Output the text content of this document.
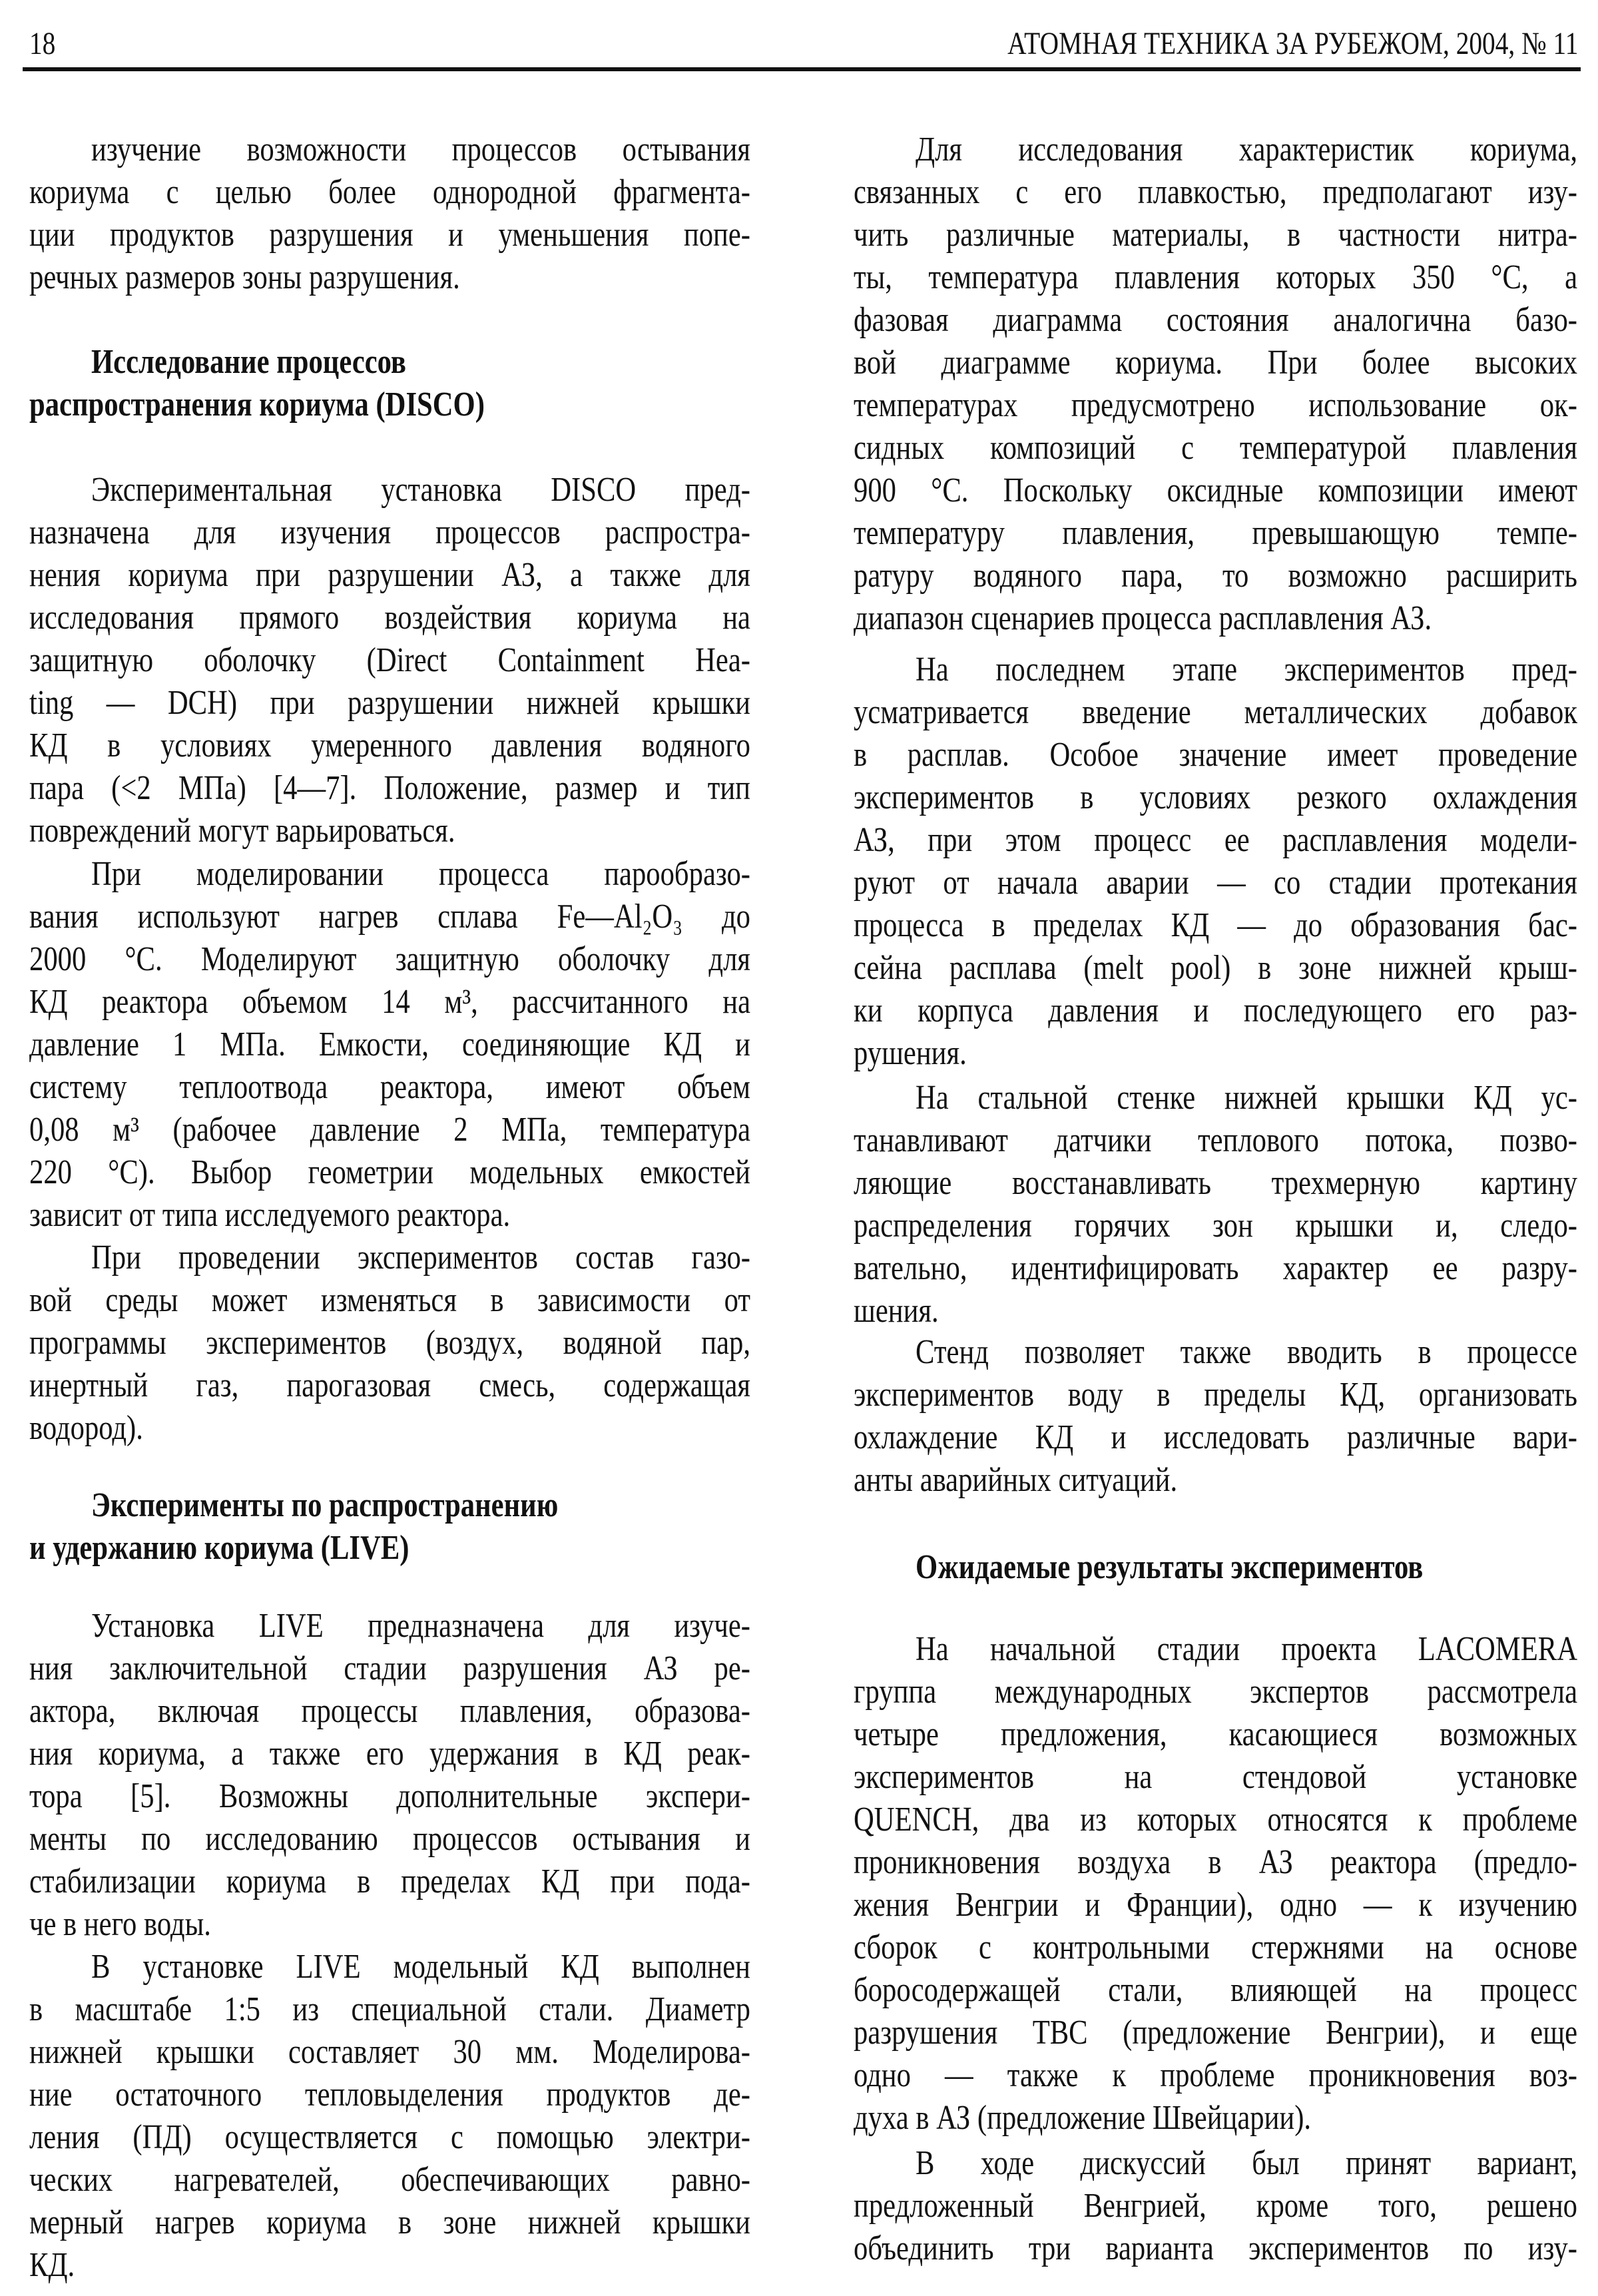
18	АТОМНАЯ ТЕХНИКА ЗА РУБЕЖОМ, 2004, № 11
изучение возможности процессов остывания
кориума с целью более однородной фрагмента-
ции продуктов разрушения и уменьшения попе-
речных размеров зоны разрушения.
Исследование процессов
распространения кориума (DISCO)
Экспериментальная установка DISCO пред-
назначена для изучения процессов распростра-
нения кориума при разрушении АЗ, а также для
исследования прямого воздействия кориума на
защитную оболочку (Direct Containment Hea-
ting — DCH) при разрушении нижней крышки
КД в условиях умеренного давления водяного
пара (<2 МПа) [4—7]. Положение, размер и тип
повреждений могут варьироваться.
При моделировании процесса парообразо-
вания используют нагрев сплава Fe—Al₂O₃ до
2000 °C. Моделируют защитную оболочку для
КД реактора объемом 14 м³, рассчитанного на
давление 1 МПа. Емкости, соединяющие КД и
систему теплоотвода реактора, имеют объем
0,08 м³ (рабочее давление 2 МПа, температура
220 °C). Выбор геометрии модельных емкостей
зависит от типа исследуемого реактора.
При проведении экспериментов состав газо-
вой среды может изменяться в зависимости от
программы экспериментов (воздух, водяной пар,
инертный газ, парогазовая смесь, содержащая
водород).
Эксперименты по распространению
и удержанию кориума (LIVE)
Установка LIVE предназначена для изуче-
ния заключительной стадии разрушения АЗ ре-
актора, включая процессы плавления, образова-
ния кориума, а также его удержания в КД реак-
тора [5]. Возможны дополнительные экспери-
менты по исследованию процессов остывания и
стабилизации кориума в пределах КД при пода-
че в него воды.
В установке LIVE модельный КД выполнен
в масштабе 1:5 из специальной стали. Диаметр
нижней крышки составляет 30 мм. Моделирова-
ние остаточного тепловыделения продуктов де-
ления (ПД) осуществляется с помощью электри-
ческих нагревателей, обеспечивающих равно-
мерный нагрев кориума в зоне нижней крышки
КД.
Для исследования характеристик кориума,
связанных с его плавкостью, предполагают изу-
чить различные материалы, в частности нитра-
ты, температура плавления которых 350 °C, а
фазовая диаграмма состояния аналогична базо-
вой диаграмме кориума. При более высоких
температурах предусмотрено использование ок-
сидных композиций с температурой плавления
900 °C. Поскольку оксидные композиции имеют
температуру плавления, превышающую темпе-
ратуру водяного пара, то возможно расширить
диапазон сценариев процесса расплавления АЗ.
На последнем этапе экспериментов пред-
усматривается введение металлических добавок
в расплав. Особое значение имеет проведение
экспериментов в условиях резкого охлаждения
АЗ, при этом процесс ее расплавления модели-
руют от начала аварии — со стадии протекания
процесса в пределах КД — до образования бас-
сейна расплава (melt pool) в зоне нижней крыш-
ки корпуса давления и последующего его раз-
рушения.
На стальной стенке нижней крышки КД ус-
танавливают датчики теплового потока, позво-
ляющие восстанавливать трехмерную картину
распределения горячих зон крышки и, следо-
вательно, идентифицировать характер ее разру-
шения.
Стенд позволяет также вводить в процессе
экспериментов воду в пределы КД, организовать
охлаждение КД и исследовать различные вари-
анты аварийных ситуаций.
Ожидаемые результаты экспериментов
На начальной стадии проекта LACOMERA
группа международных экспертов рассмотрела
четыре предложения, касающиеся возможных
экспериментов на стендовой установке
QUENCH, два из которых относятся к проблеме
проникновения воздуха в АЗ реактора (предло-
жения Венгрии и Франции), одно — к изучению
сборок с контрольными стержнями на основе
боросодержащей стали, влияющей на процесс
разрушения ТВС (предложение Венгрии), и еще
одно — также к проблеме проникновения воз-
духа в АЗ (предложение Швейцарии).
В ходе дискуссий был принят вариант,
предложенный Венгрией, кроме того, решено
объединить три варианта экспериментов по изу-
